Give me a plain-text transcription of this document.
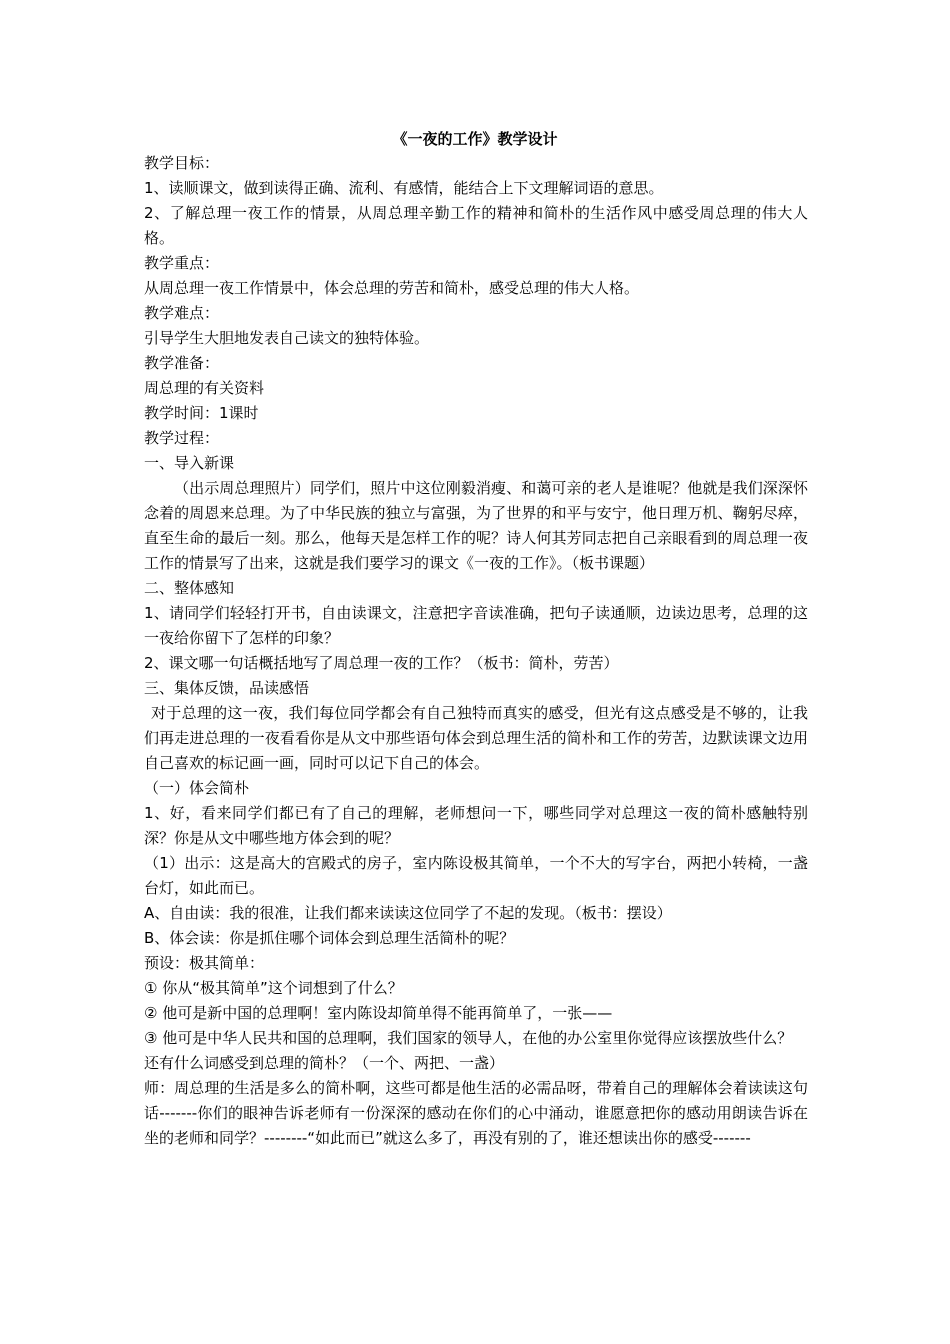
《一夜的工作》教学设计

教学目标：

1、读顺课文，做到读得正确、流利、有感情，能结合上下文理解词语的意思。

2、了解总理一夜工作的情景，从周总理辛勤工作的精神和简朴的生活作风中感受周总理的伟大人格。

教学重点：

从周总理一夜工作情景中，体会总理的劳苦和简朴，感受总理的伟大人格。

教学难点：

引导学生大胆地发表自己读文的独特体验。

教学准备：

周总理的有关资料

教学时间：1课时

教学过程：

一、导入新课

（出示周总理照片）同学们，照片中这位刚毅消瘦、和蔼可亲的老人是谁呢？他就是我们深深怀念着的周恩来总理。为了中华民族的独立与富强，为了世界的和平与安宁，他日理万机、鞠躬尽瘁，直至生命的最后一刻。那么，他每天是怎样工作的呢？诗人何其芳同志把自己亲眼看到的周总理一夜工作的情景写了出来，这就是我们要学习的课文《一夜的工作》。（板书课题）

二、整体感知

1、请同学们轻轻打开书，自由读课文，注意把字音读准确，把句子读通顺，边读边思考，总理的这一夜给你留下了怎样的印象？

2、课文哪一句话概括地写了周总理一夜的工作？（板书：简朴，劳苦）

三、集体反馈，品读感悟

对于总理的这一夜，我们每位同学都会有自己独特而真实的感受，但光有这点感受是不够的，让我们再走进总理的一夜看看你是从文中那些语句体会到总理生活的简朴和工作的劳苦，边默读课文边用自己喜欢的标记画一画，同时可以记下自己的体会。

（一）体会简朴

1、好，看来同学们都已有了自己的理解，老师想问一下，哪些同学对总理这一夜的简朴感触特别深？你是从文中哪些地方体会到的呢？

（1）出示：这是高大的宫殿式的房子，室内陈设极其简单，一个不大的写字台，两把小转椅，一盏台灯，如此而已。

A、自由读：我的很准，让我们都来读读这位同学了不起的发现。（板书：摆设）

B、体会读：你是抓住哪个词体会到总理生活简朴的呢？

预设：极其简单：

① 你从“极其简单”这个词想到了什么？

② 他可是新中国的总理啊！室内陈设却简单得不能再简单了，一张——

③ 他可是中华人民共和国的总理啊，我们国家的领导人，在他的办公室里你觉得应该摆放些什么？

还有什么词感受到总理的简朴？（一个、两把、一盏）

师：周总理的生活是多么的简朴啊，这些可都是他生活的必需品呀，带着自己的理解体会着读读这句话-------你们的眼神告诉老师有一份深深的感动在你们的心中涌动，谁愿意把你的感动用朗读告诉在坐的老师和同学？--------“如此而已”就这么多了，再没有别的了，谁还想读出你的感受-------
